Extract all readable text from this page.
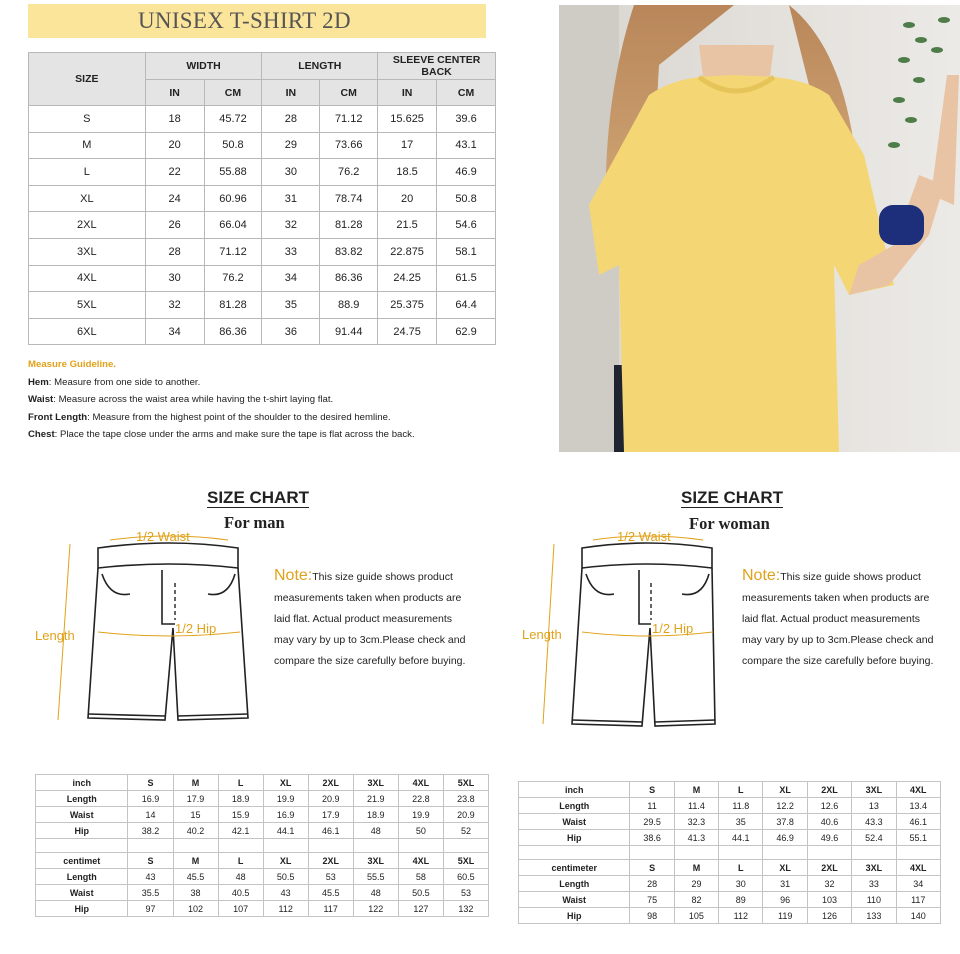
UNISEX T-SHIRT 2D
SIZE	WIDTH		LENGTH		SLEEVE CENTER BACK	
	IN	CM	IN	CM	IN	CM
S	18	45.72	28	71.12	15.625	39.6
M	20	50.8	29	73.66	17	43.1
L	22	55.88	30	76.2	18.5	46.9
XL	24	60.96	31	78.74	20	50.8
2XL	26	66.04	32	81.28	21.5	54.6
3XL	28	71.12	33	83.82	22.875	58.1
4XL	30	76.2	34	86.36	24.25	61.5
5XL	32	81.28	35	88.9	25.375	64.4
6XL	34	86.36	36	91.44	24.75	62.9
Measure Guideline.
Hem: Measure from one side to another.
Waist: Measure across the waist area while having the t-shirt laying flat.
Front Length: Measure from the highest point of the shoulder to the desired hemline.
Chest: Place the tape close under the arms and make sure the tape is flat across the back.
SIZE CHART
For man
1/2 Waist
1/2 Hip
Length
Note:This size guide shows product
measurements taken when products are
laid flat. Actual product measurements
may vary by up to 3cm.Please check and
compare the size carefully before buying.
inch	S	M	L	XL	2XL	3XL	4XL	5XL
Length	16.9	17.9	18.9	19.9	20.9	21.9	22.8	23.8
Waist	14	15	15.9	16.9	17.9	18.9	19.9	20.9
Hip	38.2	40.2	42.1	44.1	46.1	48	50	52

centimet	S	M	L	XL	2XL	3XL	4XL	5XL
Length	43	45.5	48	50.5	53	55.5	58	60.5
Waist	35.5	38	40.5	43	45.5	48	50.5	53
Hip	97	102	107	112	117	122	127	132
SIZE CHART
For woman
1/2 Waist
1/2 Hip
Length
Note:This size guide shows product
measurements taken when products are
laid flat. Actual product measurements
may vary by up to 3cm.Please check and
compare the size carefully before buying.
inch	S	M	L	XL	2XL	3XL	4XL
Length	11	11.4	11.8	12.2	12.6	13	13.4
Waist	29.5	32.3	35	37.8	40.6	43.3	46.1
Hip	38.6	41.3	44.1	46.9	49.6	52.4	55.1

centimeter	S	M	L	XL	2XL	3XL	4XL
Length	28	29	30	31	32	33	34
Waist	75	82	89	96	103	110	117
Hip	98	105	112	119	126	133	140
